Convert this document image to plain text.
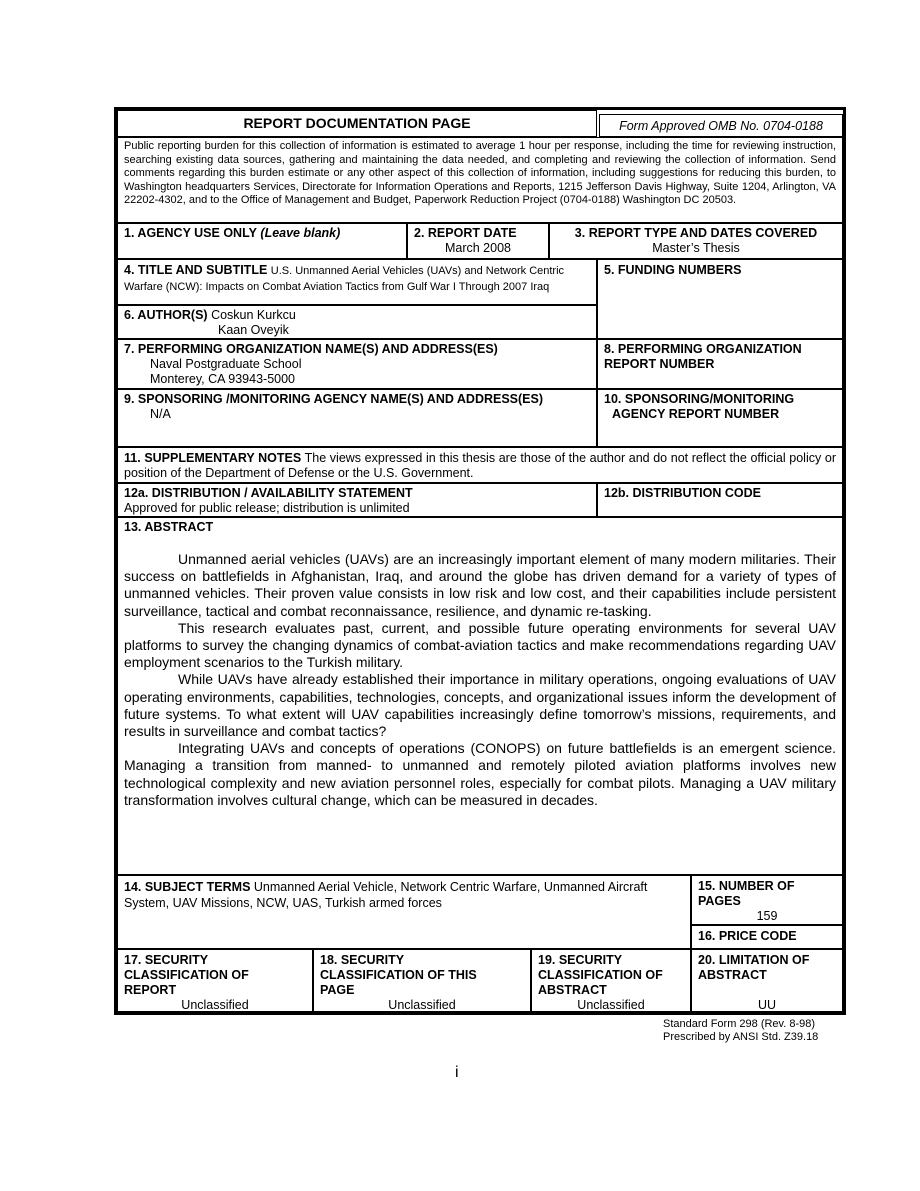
REPORT DOCUMENTATION PAGE	Form Approved OMB No. 0704-0188
Public reporting burden for this collection of information is estimated to average 1 hour per response, including the time for reviewing instruction, searching existing data sources, gathering and maintaining the data needed, and completing and reviewing the collection of information. Send comments regarding this burden estimate or any other aspect of this collection of information, including suggestions for reducing this burden, to Washington headquarters Services, Directorate for Information Operations and Reports, 1215 Jefferson Davis Highway, Suite 1204, Arlington, VA 22202-4302, and to the Office of Management and Budget, Paperwork Reduction Project (0704-0188) Washington DC 20503.
1. AGENCY USE ONLY (Leave blank)	2. REPORT DATE
March 2008
3. REPORT TYPE AND DATES COVERED
Master’s Thesis
4. TITLE AND SUBTITLE U.S. Unmanned Aerial Vehicles (UAVs) and Network Centric Warfare (NCW): Impacts on Combat Aviation Tactics from Gulf War I Through 2007 Iraq
5. FUNDING NUMBERS
6. AUTHOR(S) Coskun Kurkcu
Kaan Oveyik
7. PERFORMING ORGANIZATION NAME(S) AND ADDRESS(ES)
Naval Postgraduate School
Monterey, CA 93943-5000
8. PERFORMING ORGANIZATION
REPORT NUMBER
9. SPONSORING /MONITORING AGENCY NAME(S) AND ADDRESS(ES)
N/A
10. SPONSORING/MONITORING
AGENCY REPORT NUMBER
11. SUPPLEMENTARY NOTES The views expressed in this thesis are those of the author and do not reflect the official policy or position of the Department of Defense or the U.S. Government.
12a. DISTRIBUTION / AVAILABILITY STATEMENT
Approved for public release; distribution is unlimited
12b. DISTRIBUTION CODE
13. ABSTRACT

Unmanned aerial vehicles (UAVs) are an increasingly important element of many modern militaries. Their success on battlefields in Afghanistan, Iraq, and around the globe has driven demand for a variety of types of unmanned vehicles. Their proven value consists in low risk and low cost, and their capabilities include persistent surveillance, tactical and combat reconnaissance, resilience, and dynamic re-tasking.

This research evaluates past, current, and possible future operating environments for several UAV platforms to survey the changing dynamics of combat-aviation tactics and make recommendations regarding UAV employment scenarios to the Turkish military.

While UAVs have already established their importance in military operations, ongoing evaluations of UAV operating environments, capabilities, technologies, concepts, and organizational issues inform the development of future systems. To what extent will UAV capabilities increasingly define tomorrow’s missions, requirements, and results in surveillance and combat tactics?

Integrating UAVs and concepts of operations (CONOPS) on future battlefields is an emergent science. Managing a transition from manned- to unmanned and remotely piloted aviation platforms involves new technological complexity and new aviation personnel roles, especially for combat pilots. Managing a UAV military transformation involves cultural change, which can be measured in decades.

14. SUBJECT TERMS Unmanned Aerial Vehicle, Network Centric Warfare, Unmanned Aircraft System, UAV Missions, NCW, UAS, Turkish armed forces
15. NUMBER OF
PAGES
159
16. PRICE CODE
17. SECURITY
CLASSIFICATION OF
REPORT
Unclassified
18. SECURITY
CLASSIFICATION OF THIS
PAGE
Unclassified
19. SECURITY
CLASSIFICATION OF
ABSTRACT
Unclassified
20. LIMITATION OF
ABSTRACT
UU
Standard Form 298 (Rev. 8-98)
Prescribed by ANSI Std. Z39.18
i
